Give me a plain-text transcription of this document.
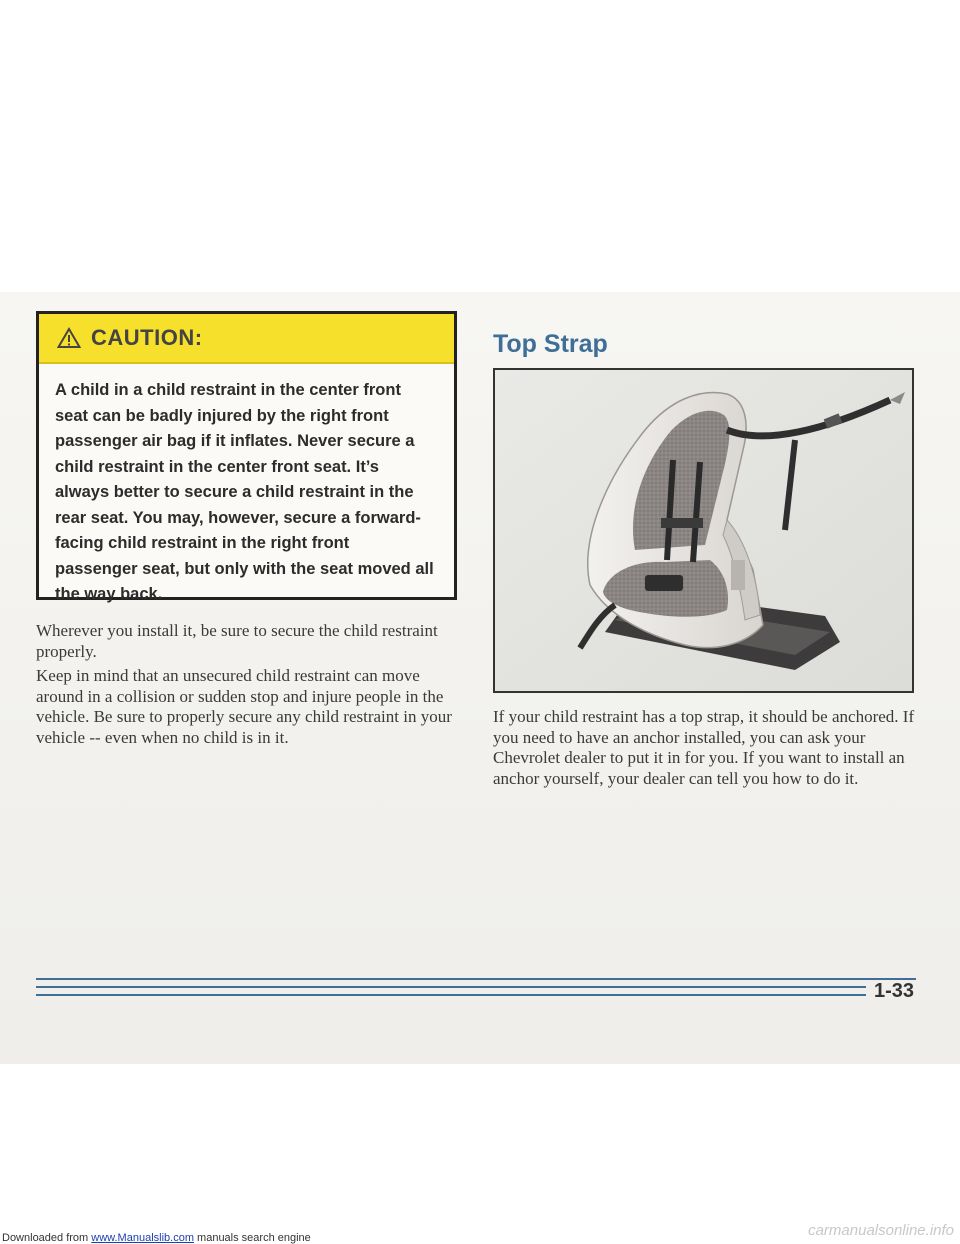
CAUTION:

A child in a child restraint in the center front seat can be badly injured by the right front passenger air bag if it inflates. Never secure a child restraint in the center front seat. It’s always better to secure a child restraint in the rear seat. You may, however, secure a forward-facing child restraint in the right front passenger seat, but only with the seat moved all the way back.

Wherever you install it, be sure to secure the child restraint properly.

Keep in mind that an unsecured child restraint can move around in a collision or sudden stop and injure people in the vehicle. Be sure to properly secure any child restraint in your vehicle -- even when no child is in it.

Top Strap

If your child restraint has a top strap, it should be anchored. If you need to have an anchor installed, you can ask your Chevrolet dealer to put it in for you. If you want to install an anchor yourself, your dealer can tell you how to do it.

1-33

Downloaded from www.Manualslib.com manuals search engine	carmanualsonline.info
